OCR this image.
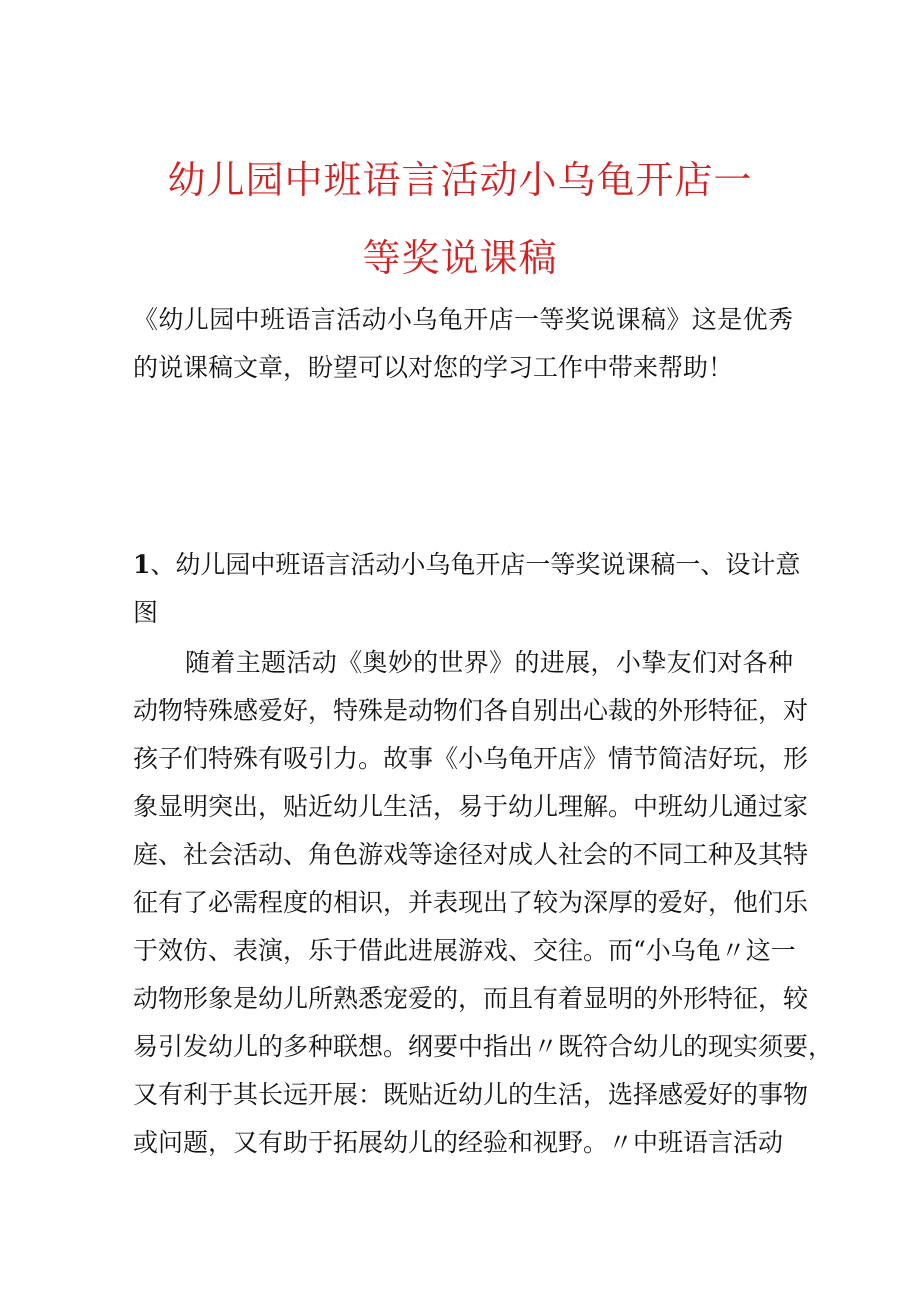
幼儿园中班语言活动小乌龟开店一
等奖说课稿
《幼儿园中班语言活动小乌龟开店一等奖说课稿》这是优秀
的说课稿文章，盼望可以对您的学习工作中带来帮助！
1、幼儿园中班语言活动小乌龟开店一等奖说课稿一、设计意
图
随着主题活动《奥妙的世界》的进展，小挚友们对各种
动物特殊感爱好，特殊是动物们各自别出心裁的外形特征，对
孩子们特殊有吸引力。故事《小乌龟开店》情节简洁好玩，形
象显明突出，贴近幼儿生活，易于幼儿理解。中班幼儿通过家
庭、社会活动、角色游戏等途径对成人社会的不同工种及其特
征有了必需程度的相识，并表现出了较为深厚的爱好，他们乐
于效仿、表演，乐于借此进展游戏、交往。而“小乌龟〃这一
动物形象是幼儿所熟悉宠爱的，而且有着显明的外形特征，较
易引发幼儿的多种联想。纲要中指出〃既符合幼儿的现实须要，
又有利于其长远开展：既贴近幼儿的生活，选择感爱好的事物
或问题，又有助于拓展幼儿的经验和视野。〃中班语言活动
